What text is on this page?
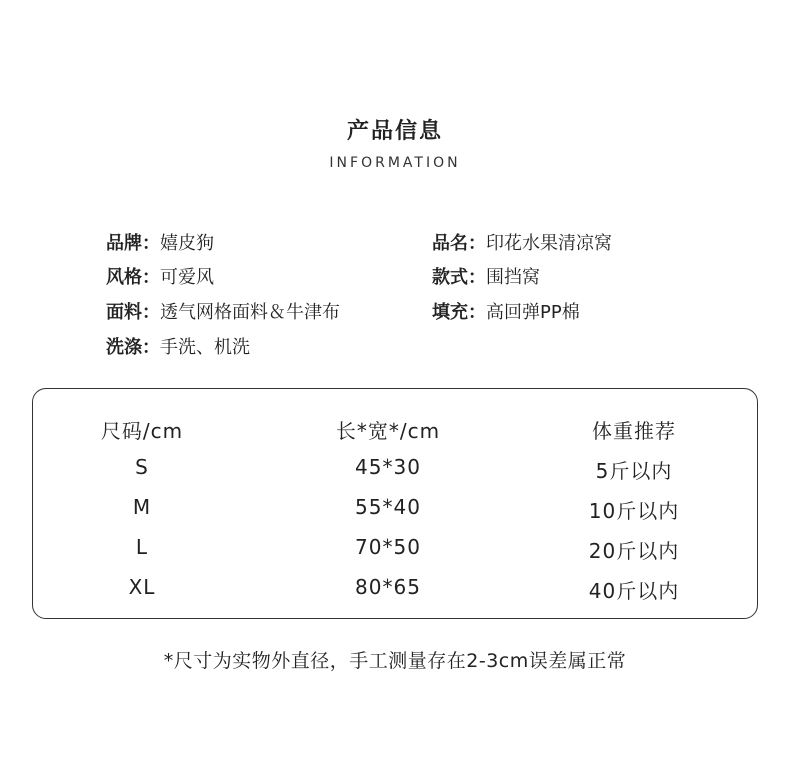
产品信息
INFORMATION
品牌：嬉皮狗
风格：可爱风
面料：透气网格面料＆牛津布
洗涤：手洗、机洗
品名：印花水果清凉窝
款式：围挡窝
填充：高回弹PP棉
尺码/cm	长*宽*/cm	体重推荐
S	45*30	5斤以内
M	55*40	10斤以内
L	70*50	20斤以内
XL	80*65	40斤以内
*尺寸为实物外直径，手工测量存在2-3cm误差属正常
